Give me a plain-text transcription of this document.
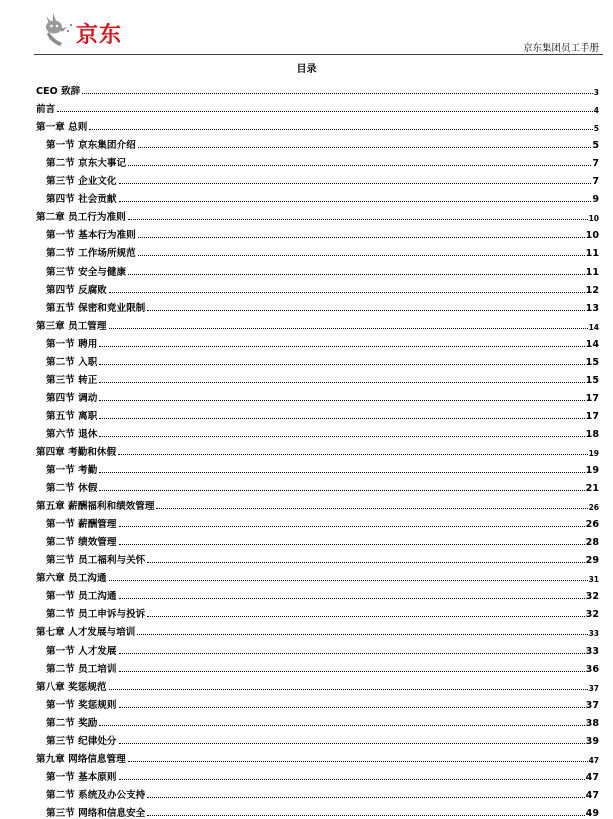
京东
京东集团员工手册
目录
CEO 致辞	3
前言	4
第一章 总则	5
第一节 京东集团介绍	5
第二节 京东大事记	7
第三节 企业文化	7
第四节 社会贡献	9
第二章 员工行为准则	10
第一节 基本行为准则	10
第二节 工作场所规范	11
第三节 安全与健康	11
第四节 反腐败	12
第五节 保密和竞业限制	13
第三章 员工管理	14
第一节 聘用	14
第二节 入职	15
第三节 转正	15
第四节 调动	17
第五节 离职	17
第六节 退休	18
第四章 考勤和休假	19
第一节 考勤	19
第二节 休假	21
第五章 薪酬福利和绩效管理	26
第一节 薪酬管理	26
第二节 绩效管理	28
第三节 员工福利与关怀	29
第六章 员工沟通	31
第一节 员工沟通	32
第二节 员工申诉与投诉	32
第七章 人才发展与培训	33
第一节 人才发展	33
第二节 员工培训	36
第八章 奖惩规范	37
第一节 奖惩规则	37
第二节 奖励	38
第三节 纪律处分	39
第九章 网络信息管理	47
第一节 基本原则	47
第二节 系统及办公支持	47
第三节 网络和信息安全	49
